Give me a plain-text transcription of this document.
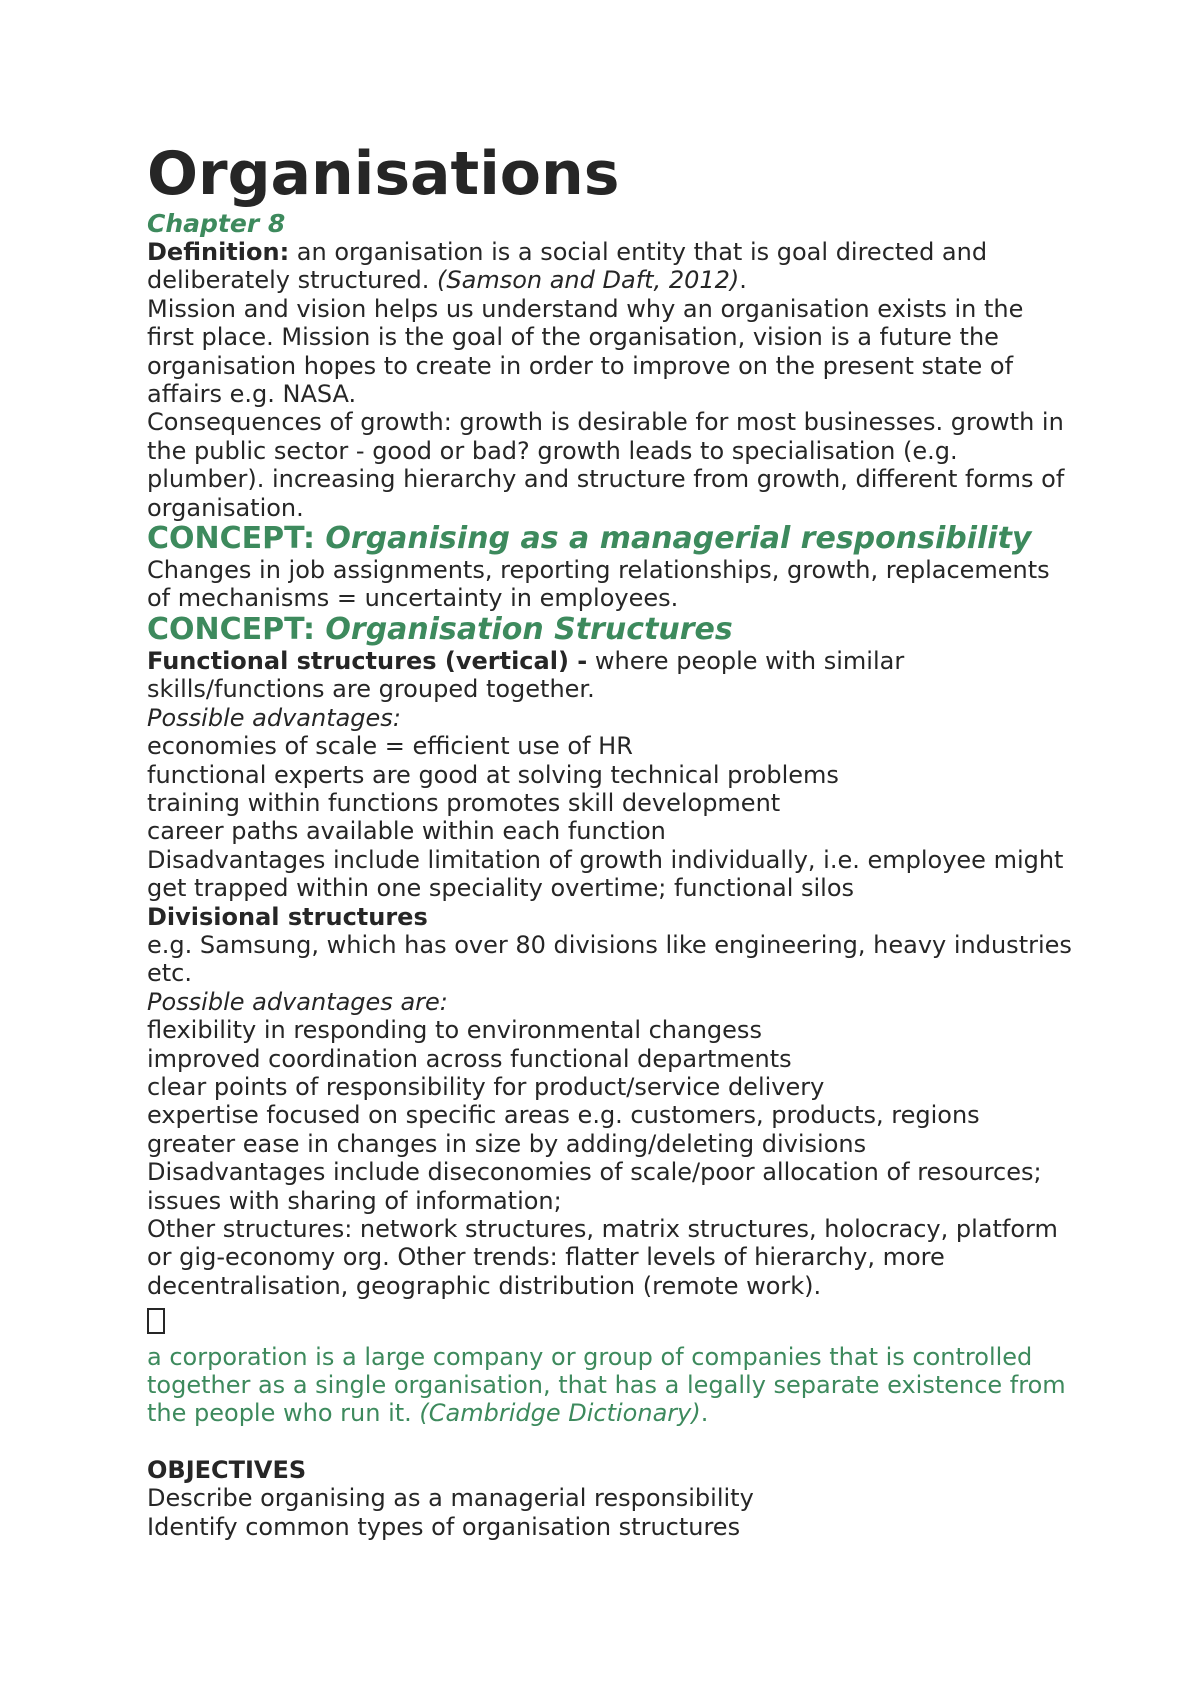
Organisations
Chapter 8

Definition: an organisation is a social entity that is goal directed and deliberately structured. (Samson and Daft, 2012).

Mission and vision helps us understand why an organisation exists in the first place. Mission is the goal of the organisation, vision is a future the organisation hopes to create in order to improve on the present state of affairs e.g. NASA.

Consequences of growth: growth is desirable for most businesses. growth in the public sector - good or bad? growth leads to specialisation (e.g. plumber). increasing hierarchy and structure from growth, different forms of organisation.

CONCEPT: Organising as a managerial responsibility

Changes in job assignments, reporting relationships, growth, replacements of mechanisms = uncertainty in employees.

CONCEPT: Organisation Structures

Functional structures (vertical) - where people with similar skills/functions are grouped together.

Possible advantages:
economies of scale = efficient use of HR
functional experts are good at solving technical problems
training within functions promotes skill development
career paths available within each function

Disadvantages include limitation of growth individually, i.e. employee might get trapped within one speciality overtime; functional silos

Divisional structures

e.g. Samsung, which has over 80 divisions like engineering, heavy industries etc.

Possible advantages are:
flexibility in responding to environmental changess
improved coordination across functional departments
clear points of responsibility for product/service delivery
expertise focused on specific areas e.g. customers, products, regions
greater ease in changes in size by adding/deleting divisions

Disadvantages include diseconomies of scale/poor allocation of resources; issues with sharing of information;

Other structures: network structures, matrix structures, holocracy, platform or gig-economy org. Other trends: flatter levels of hierarchy, more decentralisation, geographic distribution (remote work).

a corporation is a large company or group of companies that is controlled together as a single organisation, that has a legally separate existence from the people who run it. (Cambridge Dictionary).

OBJECTIVES
Describe organising as a managerial responsibility
Identify common types of organisation structures
